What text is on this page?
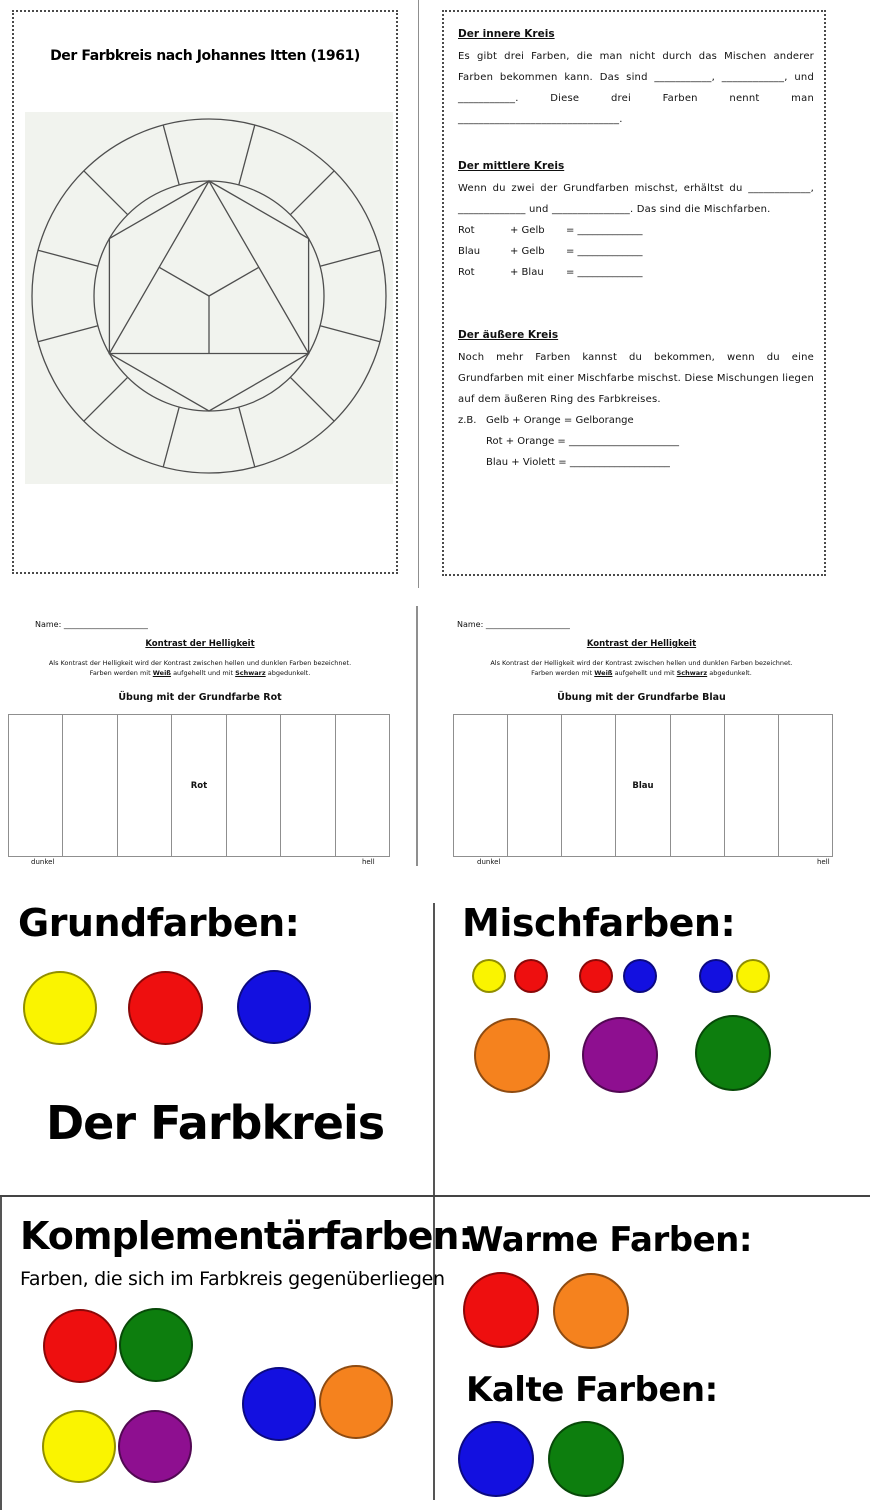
Der Farbkreis nach Johannes Itten (1961)
Der innere Kreis

Es gibt drei Farben, die man nicht durch das Mischen anderer Farben bekommen kann. Das sind ___________, ____________, und ___________. Diese drei Farben nennt man _______________________________.

Der mittlere Kreis

Wenn du zwei der Grundfarben mischst, erhältst du ____________, _____________ und _______________. Das sind die Mischfarben.

Rot	+ Gelb	= _____________
Blau	+ Gelb	= _____________
Rot	+ Blau	= _____________
Der äußere Kreis

Noch mehr Farben kannst du bekommen, wenn du eine Grundfarben mit einer Mischfarbe mischst. Diese Mischungen liegen auf dem äußeren Ring des Farbkreises.

z.B. Gelb + Orange = Gelborange
Rot + Orange = ______________________
Blau + Violett = ____________________
Name: _____________________
Kontrast der Helligkeit
Als Kontrast der Helligkeit wird der Kontrast zwischen hellen und dunklen Farben bezeichnet.
Farben werden mit Weiß aufgehellt und mit Schwarz abgedunkelt.
Übung mit der Grundfarbe Rot
Rot
dunkel	hell
Name: _____________________
Kontrast der Helligkeit
Als Kontrast der Helligkeit wird der Kontrast zwischen hellen und dunklen Farben bezeichnet.
Farben werden mit Weiß aufgehellt und mit Schwarz abgedunkelt.
Übung mit der Grundfarbe Blau
Blau
dunkel	hell
Grundfarben:
Der Farbkreis
Mischfarben:
Komplementärfarben:
Farben, die sich im Farbkreis gegenüberliegen
Warme Farben:
Kalte Farben:
